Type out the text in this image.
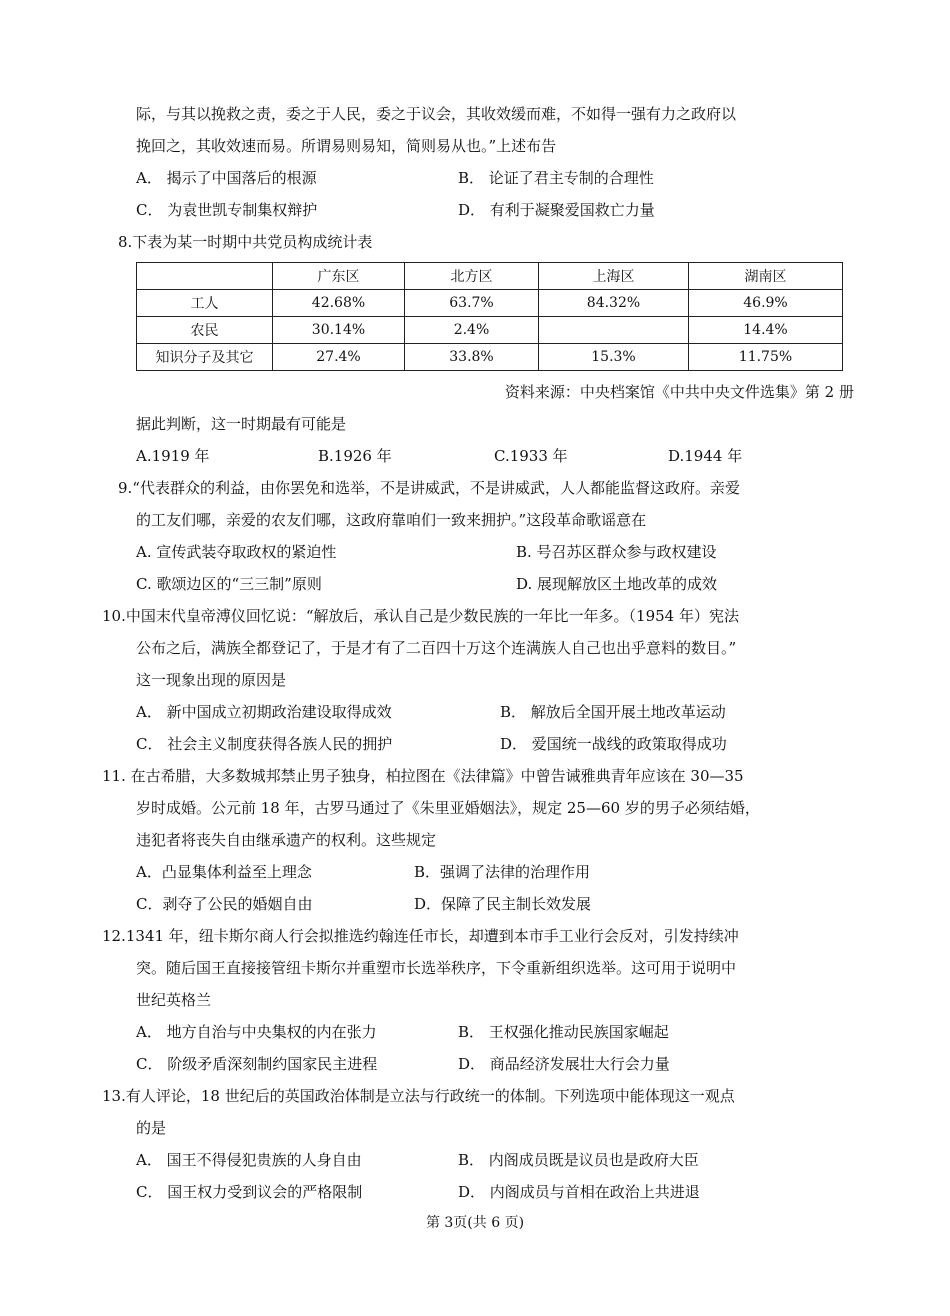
际，与其以挽救之责，委之于人民，委之于议会，其收效缓而难，不如得一强有力之政府以
挽回之，其收效速而易。所谓易则易知，简则易从也。”上述布告
A． 揭示了中国落后的根源	B． 论证了君主专制的合理性
C． 为袁世凯专制集权辩护	D． 有利于凝聚爱国救亡力量
8.下表为某一时期中共党员构成统计表
	广东区	北方区	上海区	湖南区
工人	42.68%	63.7%	84.32%	46.9%
农民	30.14%	2.4%		14.4%
知识分子及其它	27.4%	33.8%	15.3%	11.75%
资料来源：中央档案馆《中共中央文件选集》第 2 册
据此判断，这一时期最有可能是
A.1919 年	B.1926 年	C.1933 年	D.1944 年
9.“代表群众的利益，由你罢免和选举，不是讲威武，不是讲威武，人人都能监督这政府。亲爱
的工友们哪，亲爱的农友们哪，这政府靠咱们一致来拥护。”这段革命歌谣意在
A. 宣传武装夺取政权的紧迫性	B. 号召苏区群众参与政权建设
C. 歌颂边区的“三三制”原则	D. 展现解放区土地改革的成效
10.中国末代皇帝溥仪回忆说：“解放后，承认自己是少数民族的一年比一年多。（1954 年）宪法
公布之后，满族全都登记了，于是才有了二百四十万这个连满族人自己也出乎意料的数目。”
这一现象出现的原因是
A． 新中国成立初期政治建设取得成效	B． 解放后全国开展土地改革运动
C． 社会主义制度获得各族人民的拥护	D． 爱国统一战线的政策取得成功
11. 在古希腊，大多数城邦禁止男子独身，柏拉图在《法律篇》中曾告诫雅典青年应该在 30—35
岁时成婚。公元前 18 年，古罗马通过了《朱里亚婚姻法》，规定 25—60 岁的男子必须结婚，
违犯者将丧失自由继承遗产的权利。这些规定
A．凸显集体利益至上理念	B．强调了法律的治理作用
C．剥夺了公民的婚姻自由	D．保障了民主制长效发展
12.1341 年，纽卡斯尔商人行会拟推选约翰连任市长，却遭到本市手工业行会反对，引发持续冲
突。随后国王直接接管纽卡斯尔并重塑市长选举秩序，下令重新组织选举。这可用于说明中
世纪英格兰
A． 地方自治与中央集权的内在张力	B． 王权强化推动民族国家崛起
C． 阶级矛盾深刻制约国家民主进程	D． 商品经济发展壮大行会力量
13.有人评论，18 世纪后的英国政治体制是立法与行政统一的体制。下列选项中能体现这一观点
的是
A． 国王不得侵犯贵族的人身自由	B． 内阁成员既是议员也是政府大臣
C． 国王权力受到议会的严格限制	D． 内阁成员与首相在政治上共进退
第 3页(共 6 页)
